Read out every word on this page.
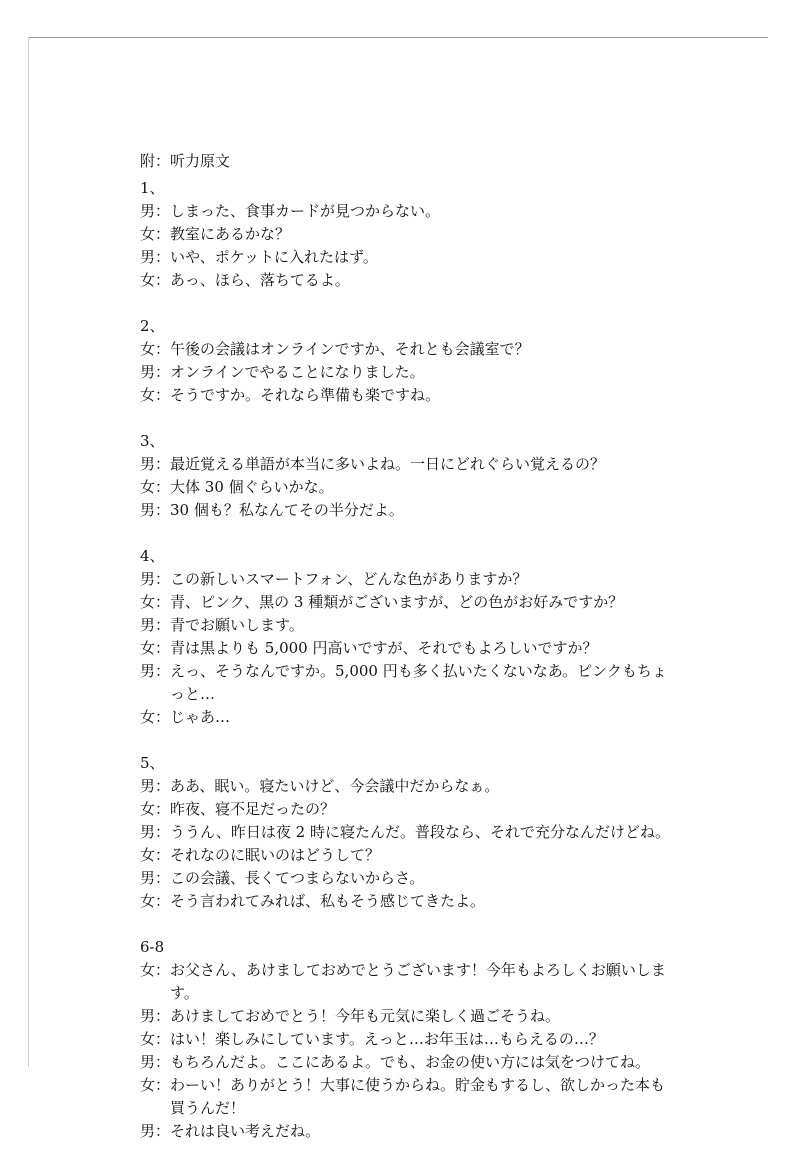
附：听力原文
1、
男： しまった、食事カードが見つからない。
女： 教室にあるかな？
男： いや、ポケットに入れたはず。
女： あっ、ほら、落ちてるよ。
2、
女： 午後の会議はオンラインですか、それとも会議室で？
男： オンラインでやることになりました。
女： そうですか。それなら準備も楽ですね。
3、
男： 最近覚える単語が本当に多いよね。一日にどれぐらい覚えるの？
女： 大体 30 個ぐらいかな。
男： 30 個も？私なんてその半分だよ。
4、
男： この新しいスマートフォン、どんな色がありますか？
女： 青、ピンク、黒の 3 種類がございますが、どの色がお好みですか？
男： 青でお願いします。
女： 青は黒よりも 5,000 円高いですが、それでもよろしいですか？
男： えっ、そうなんですか。5,000 円も多く払いたくないなあ。ピンクもちょっと…
女： じゃあ…
5、
男： ああ、眠い。寝たいけど、今会議中だからなぁ。
女： 昨夜、寝不足だったの？
男： ううん、昨日は夜 2 時に寝たんだ。普段なら、それで充分なんだけどね。
女： それなのに眠いのはどうして？
男： この会議、長くてつまらないからさ。
女： そう言われてみれば、私もそう感じてきたよ。
6-8
女： お父さん、あけましておめでとうございます！今年もよろしくお願いします。
男： あけましておめでとう！今年も元気に楽しく過ごそうね。
女： はい！楽しみにしています。えっと…お年玉は…もらえるの…？
男： もちろんだよ。ここにあるよ。でも、お金の使い方には気をつけてね。
女： わーい！ありがとう！大事に使うからね。貯金もするし、欲しかった本も買うんだ！
男： それは良い考えだね。
